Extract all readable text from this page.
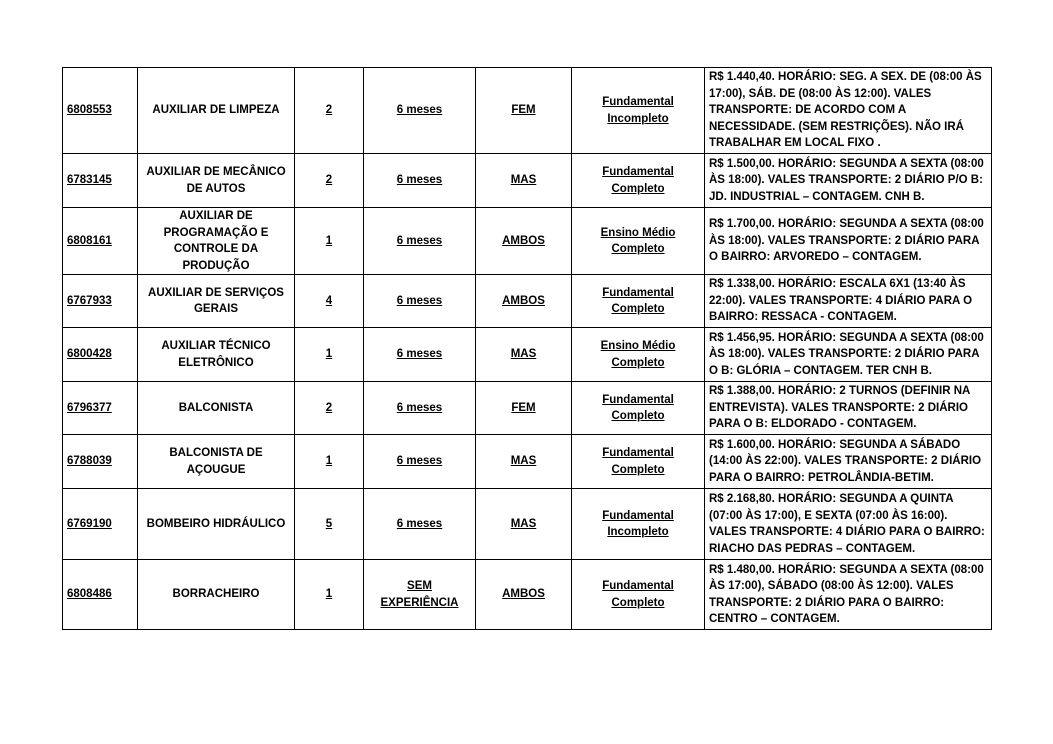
6808553	AUXILIAR DE LIMPEZA	2	6 meses	FEM	Fundamental Incompleto	R$ 1.440,40. HORÁRIO: SEG. A SEX. DE (08:00 ÀS 17:00), SÁB. DE (08:00 ÀS 12:00). VALES TRANSPORTE: DE ACORDO COM A NECESSIDADE. (SEM RESTRIÇÕES). NÃO IRÁ TRABALHAR EM LOCAL FIXO .
6783145	AUXILIAR DE MECÂNICO DE AUTOS	2	6 meses	MAS	Fundamental Completo	R$ 1.500,00. HORÁRIO: SEGUNDA A SEXTA (08:00 ÀS 18:00). VALES TRANSPORTE: 2 DIÁRIO P/O B: JD. INDUSTRIAL – CONTAGEM. CNH B.
6808161	AUXILIAR DE PROGRAMAÇÃO E CONTROLE DA PRODUÇÃO	1	6 meses	AMBOS	Ensino Médio Completo	R$ 1.700,00. HORÁRIO: SEGUNDA A SEXTA (08:00 ÀS 18:00). VALES TRANSPORTE: 2 DIÁRIO PARA O BAIRRO: ARVOREDO – CONTAGEM.
6767933	AUXILIAR DE SERVIÇOS GERAIS	4	6 meses	AMBOS	Fundamental Completo	R$ 1.338,00. HORÁRIO: ESCALA 6X1 (13:40 ÀS 22:00). VALES TRANSPORTE: 4 DIÁRIO PARA O BAIRRO: RESSACA - CONTAGEM.
6800428	AUXILIAR TÉCNICO ELETRÔNICO	1	6 meses	MAS	Ensino Médio Completo	R$ 1.456,95. HORÁRIO: SEGUNDA A SEXTA (08:00 ÀS 18:00). VALES TRANSPORTE: 2 DIÁRIO PARA O B: GLÓRIA – CONTAGEM. TER CNH B.
6796377	BALCONISTA	2	6 meses	FEM	Fundamental Completo	R$ 1.388,00. HORÁRIO: 2 TURNOS (DEFINIR NA ENTREVISTA). VALES TRANSPORTE: 2 DIÁRIO PARA O B: ELDORADO - CONTAGEM.
6788039	BALCONISTA DE AÇOUGUE	1	6 meses	MAS	Fundamental Completo	R$ 1.600,00. HORÁRIO: SEGUNDA A SÁBADO (14:00 ÀS 22:00). VALES TRANSPORTE: 2 DIÁRIO PARA O BAIRRO: PETROLÂNDIA-BETIM.
6769190	BOMBEIRO HIDRÁULICO	5	6 meses	MAS	Fundamental Incompleto	R$ 2.168,80. HORÁRIO: SEGUNDA A QUINTA (07:00 ÀS 17:00), E SEXTA (07:00 ÀS 16:00). VALES TRANSPORTE: 4 DIÁRIO PARA O BAIRRO: RIACHO DAS PEDRAS – CONTAGEM.
6808486	BORRACHEIRO	1	SEM EXPERIÊNCIA	AMBOS	Fundamental Completo	R$ 1.480,00. HORÁRIO: SEGUNDA A SEXTA (08:00 ÀS 17:00), SÁBADO (08:00 ÀS 12:00). VALES TRANSPORTE: 2 DIÁRIO PARA O BAIRRO: CENTRO – CONTAGEM.
